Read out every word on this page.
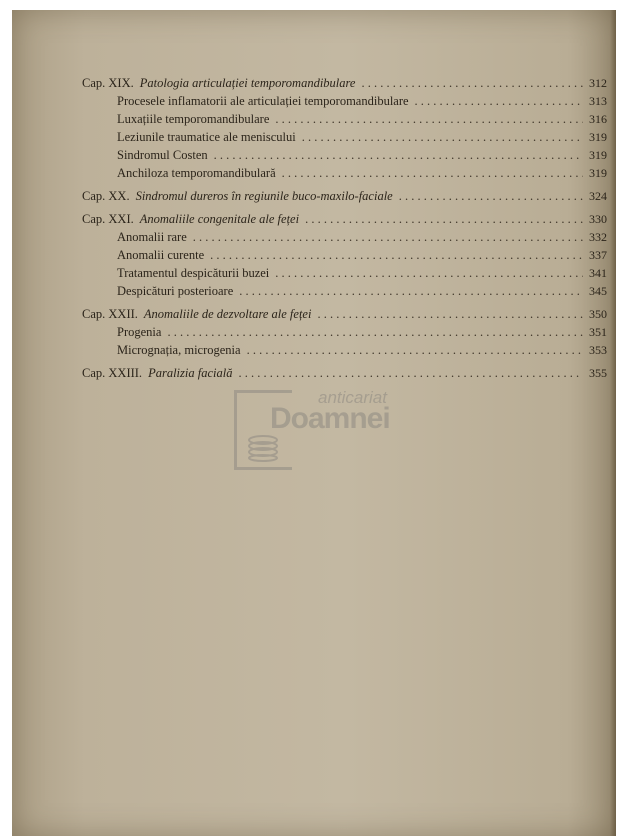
Cap. XIX. Patologia articulației temporomandibulare . . .	312
Procesele inflamatorii ale articulației temporomandibulare . . .	313
Luxațiile temporomandibulare . . .	316
Leziunile traumatice ale meniscului . . .	319
Sindromul Costen . . .	319
Anchiloza temporomandibulară . . .	319
Cap. XX. Sindromul dureros în regiunile buco-maxilo-faciale . . .	324
Cap. XXI. Anomaliile congenitale ale feței . . .	330
Anomalii rare . . .	332
Anomalii curente . . .	337
Tratamentul despicăturii buzei . . .	341
Despicături posterioare . . .	345
Cap. XXII. Anomaliile de dezvoltare ale feței . . .	350
Progenia . . .	351
Micrognația, microgenia . . .	353
Cap. XXIII. Paralizia facială . . .	355
anticariat
Doamnei
